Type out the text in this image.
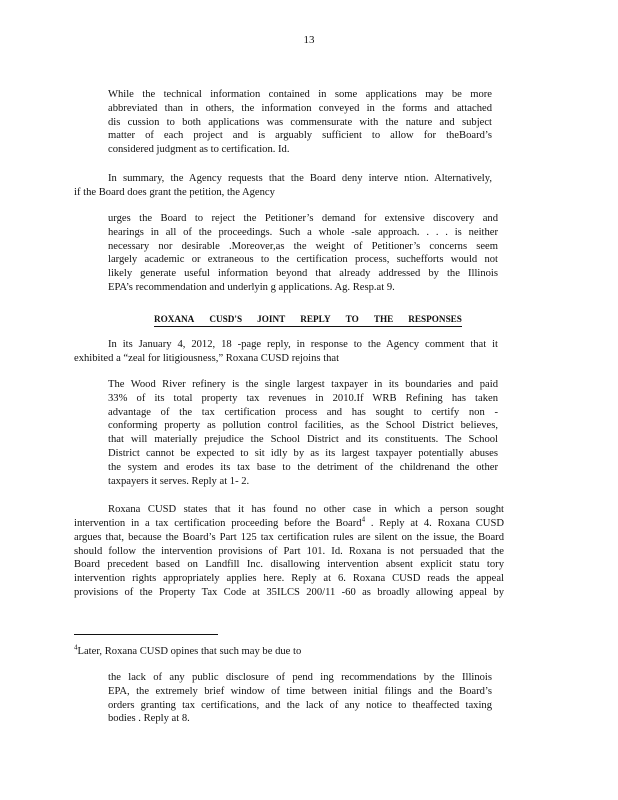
13
While the technical information contained in some applications may be more
abbreviated than in others, the information conveyed in the forms and attached
dis cussion to both applications was commensurate with the nature and subject
matter of each project and is arguably sufficient to allow for theBoard’s
considered judgment as to certification. Id.
In summary, the Agency requests that the Board deny interve ntion. Alternatively,
if the Board does grant the petition, the Agency
urges the Board to reject the Petitioner’s demand for extensive discovery and
hearings in all of the proceedings. Such a whole -sale approach. . . . is neither
necessary nor desirable .Moreover,as the weight of Petitioner’s concerns seem
largely academic or extraneous to the certification process, suchefforts would not
likely generate useful information beyond that already addressed by the Illinois
EPA’s recommendation and underlyin g applications. Ag. Resp.at 9.
ROXANA CUSD'S JOINT REPLY TO THE RESPONSES
In its January 4, 2012, 18 -page reply, in response to the Agency comment that it
exhibited a “zeal for litigiousness,” Roxana CUSD rejoins that
The Wood River refinery is the single largest taxpayer in its boundaries and paid
33% of its total property tax revenues in 2010.If WRB Refining has taken
advantage of the tax certification process and has sought to certify non -
conforming property as pollution control facilities, as the School District believes,
that will materially prejudice the School District and its constituents. The School
District cannot be expected to sit idly by as its largest taxpayer potentially abuses
the system and erodes its tax base to the detriment of the childrenand the other
taxpayers it serves. Reply at 1- 2.
Roxana CUSD states that it has found no other case in which a person sought
intervention in a tax certification proceeding before the Board$^4$ . Reply at 4. Roxana CUSD
argues that, because the Board’s Part 125 tax certification rules are silent on the issue, the Board
should follow the intervention provisions of Part 101. Id. Roxana is not persuaded that the
Board precedent based on Landfill Inc. disallowing intervention absent explicit statu tory
intervention rights appropriately applies here. Reply at 6. Roxana CUSD reads the appeal
provisions of the Property Tax Code at 35ILCS 200/11 -60 as broadly allowing appeal by
$^4$Later, Roxana CUSD opines that such may be due to
the lack of any public disclosure of pend ing recommendations by the Illinois
EPA, the extremely brief window of time between initial filings and the Board’s
orders granting tax certifications, and the lack of any notice to theaffected taxing
bodies . Reply at 8.
